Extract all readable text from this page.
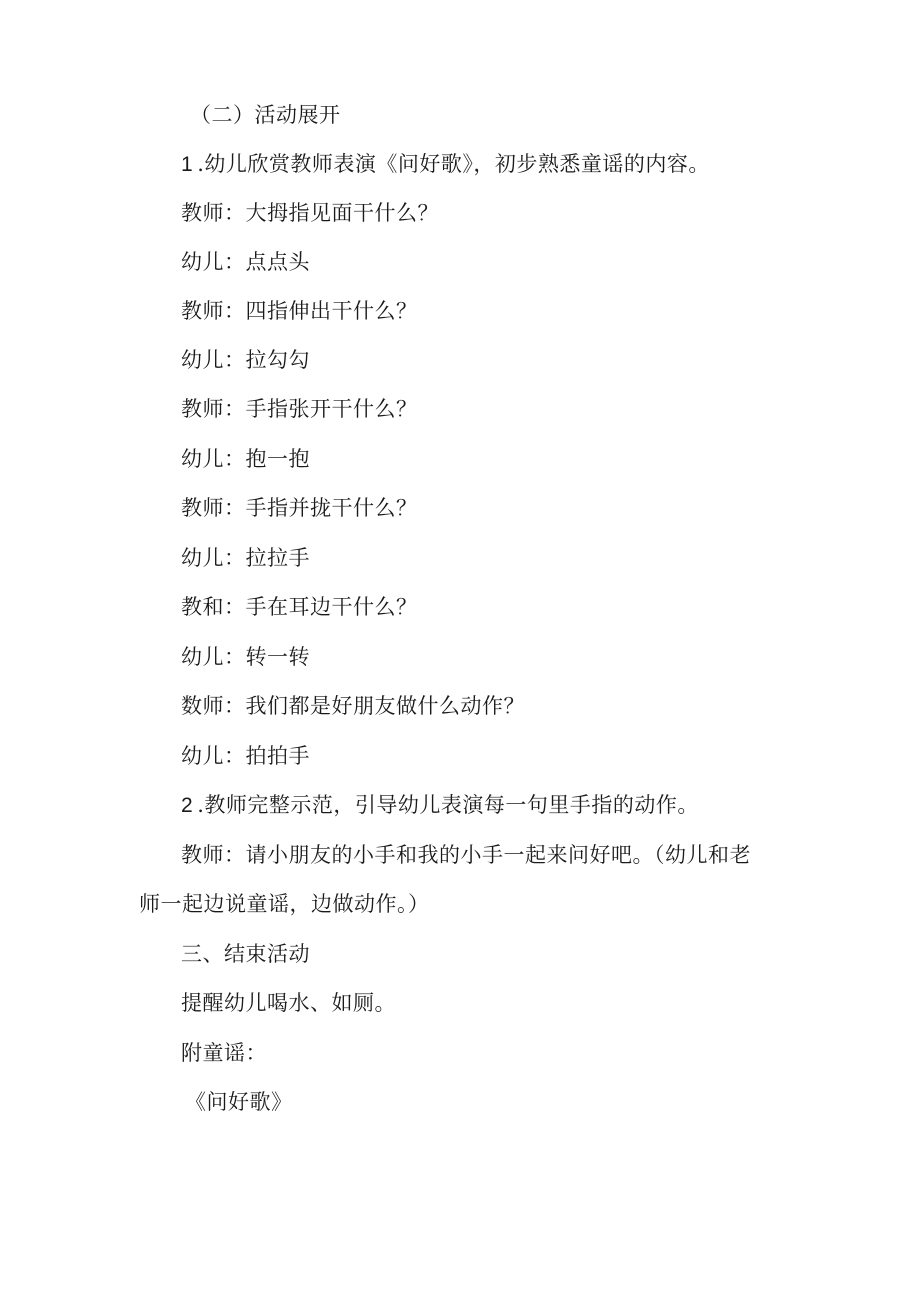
（二）活动展开
1 .幼儿欣赏教师表演《问好歌》，初步熟悉童谣的内容。
教师：大拇指见面干什么？
幼儿：点点头
教师：四指伸出干什么？
幼儿：拉勾勾
教师：手指张开干什么？
幼儿：抱一抱
教师：手指并拢干什么？
幼儿：拉拉手
教和：手在耳边干什么？
幼儿：转一转
数师：我们都是好朋友做什么动作？
幼儿：拍拍手
2 .教师完整示范，引导幼儿表演每一句里手指的动作。
教师：请小朋友的小手和我的小手一起来问好吧。（幼儿和老
师一起边说童谣，边做动作。）
三、结束活动
提醒幼儿喝水、如厕。
附童谣：
《问好歌》
